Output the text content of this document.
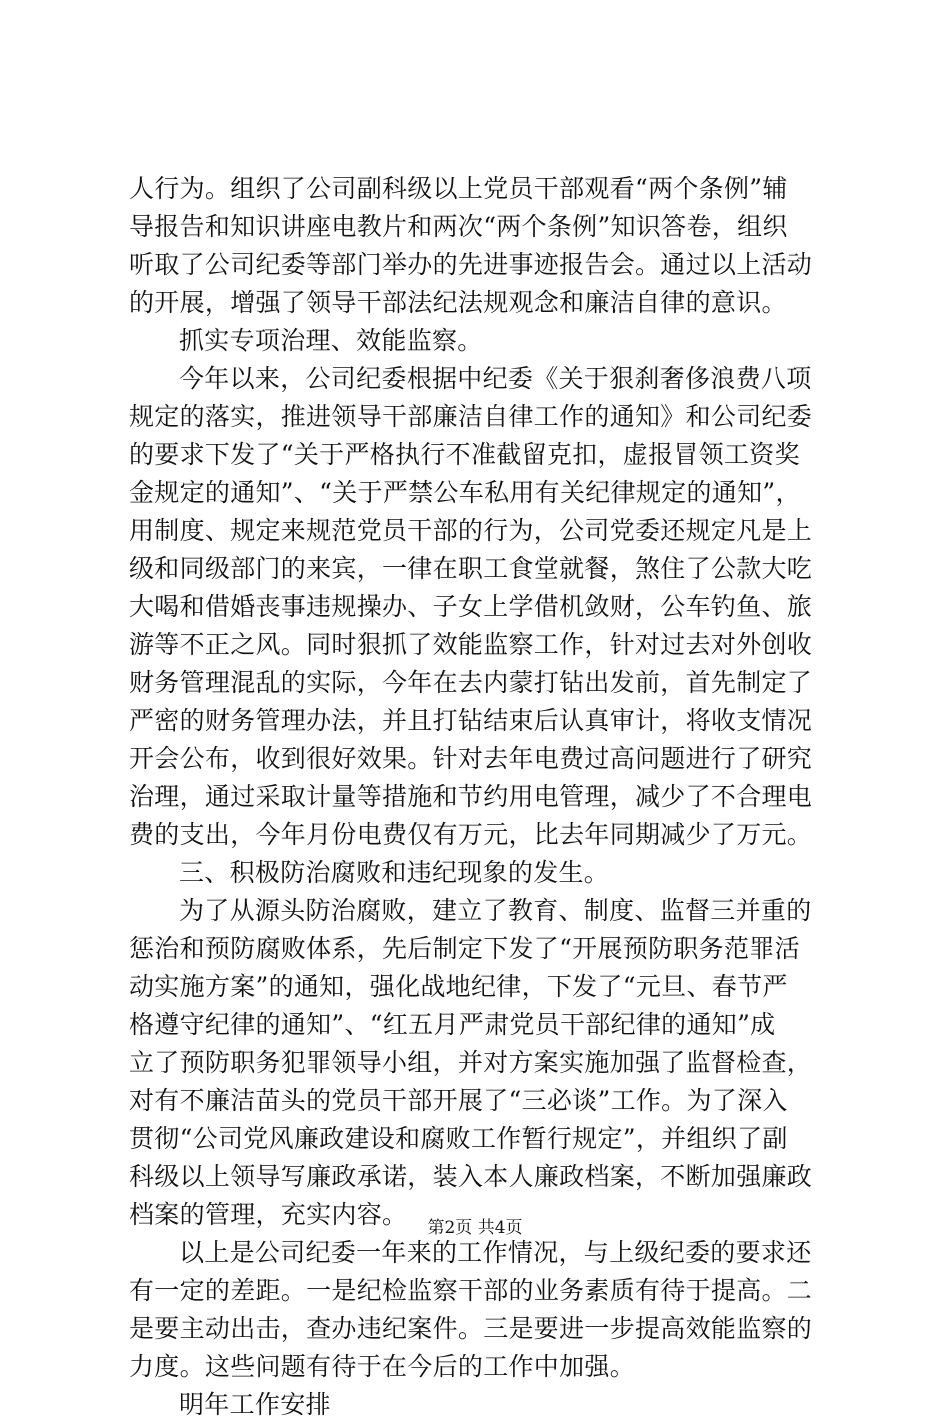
人行为。组织了公司副科级以上党员干部观看“两个条例”辅
导报告和知识讲座电教片和两次“两个条例”知识答卷，组织
听取了公司纪委等部门举办的先进事迹报告会。通过以上活动
的开展，增强了领导干部法纪法规观念和廉洁自律的意识。
抓实专项治理、效能监察。
今年以来，公司纪委根据中纪委《关于狠刹奢侈浪费八项
规定的落实，推进领导干部廉洁自律工作的通知》和公司纪委
的要求下发了“关于严格执行不准截留克扣，虚报冒领工资奖
金规定的通知”、“关于严禁公车私用有关纪律规定的通知”，
用制度、规定来规范党员干部的行为，公司党委还规定凡是上
级和同级部门的来宾，一律在职工食堂就餐，煞住了公款大吃
大喝和借婚丧事违规操办、子女上学借机敛财，公车钓鱼、旅
游等不正之风。同时狠抓了效能监察工作，针对过去对外创收
财务管理混乱的实际，今年在去内蒙打钻出发前，首先制定了
严密的财务管理办法，并且打钻结束后认真审计，将收支情况
开会公布，收到很好效果。针对去年电费过高问题进行了研究
治理，通过采取计量等措施和节约用电管理，减少了不合理电
费的支出，今年月份电费仅有万元，比去年同期减少了万元。
三、积极防治腐败和违纪现象的发生。
为了从源头防治腐败，建立了教育、制度、监督三并重的
惩治和预防腐败体系，先后制定下发了“开展预防职务范罪活
动实施方案”的通知，强化战地纪律，下发了“元旦、春节严
格遵守纪律的通知”、“红五月严肃党员干部纪律的通知”成
立了预防职务犯罪领导小组，并对方案实施加强了监督检查，
对有不廉洁苗头的党员干部开展了“三必谈”工作。为了深入
贯彻“公司党风廉政建设和腐败工作暂行规定”，并组织了副
科级以上领导写廉政承诺，装入本人廉政档案，不断加强廉政
档案的管理，充实内容。
以上是公司纪委一年来的工作情况，与上级纪委的要求还
有一定的差距。一是纪检监察干部的业务素质有待于提高。二
是要主动出击，查办违纪案件。三是要进一步提高效能监察的
力度。这些问题有待于在今后的工作中加强。
明年工作安排
第2页 共4页
